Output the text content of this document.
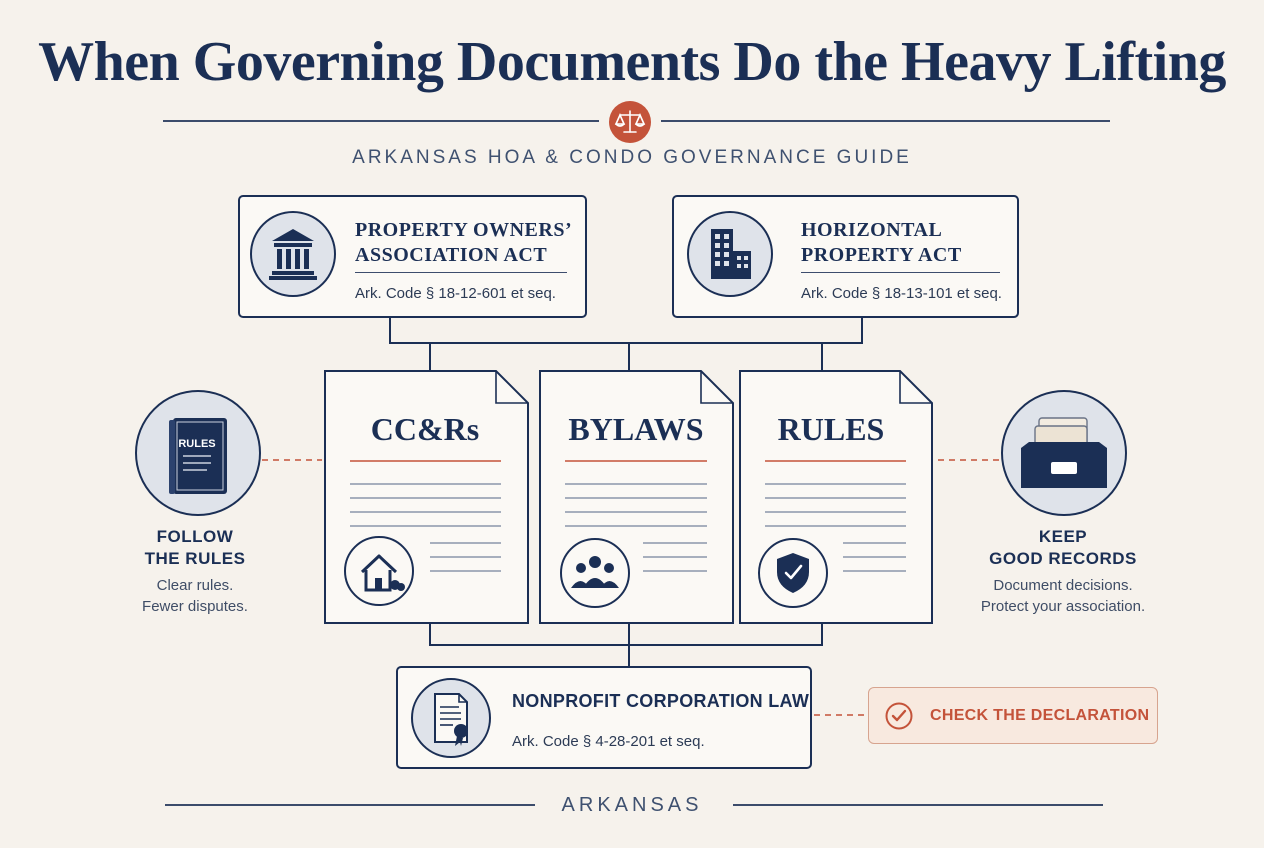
When Governing Documents Do the Heavy Lifting
ARKANSAS HOA & CONDO GOVERNANCE GUIDE
PROPERTY OWNERS’
ASSOCIATION ACT
Ark. Code § 18-12-601 et seq.
HORIZONTAL
PROPERTY ACT
Ark. Code § 18-13-101 et seq.
CC&Rs	BYLAWS	RULES
RULES
FOLLOW
THE RULES
Clear rules.
Fewer disputes.
KEEP
GOOD RECORDS
Document decisions.
Protect your association.
NONPROFIT CORPORATION LAW
Ark. Code § 4-28-201 et seq.
CHECK THE DECLARATION
ARKANSAS
